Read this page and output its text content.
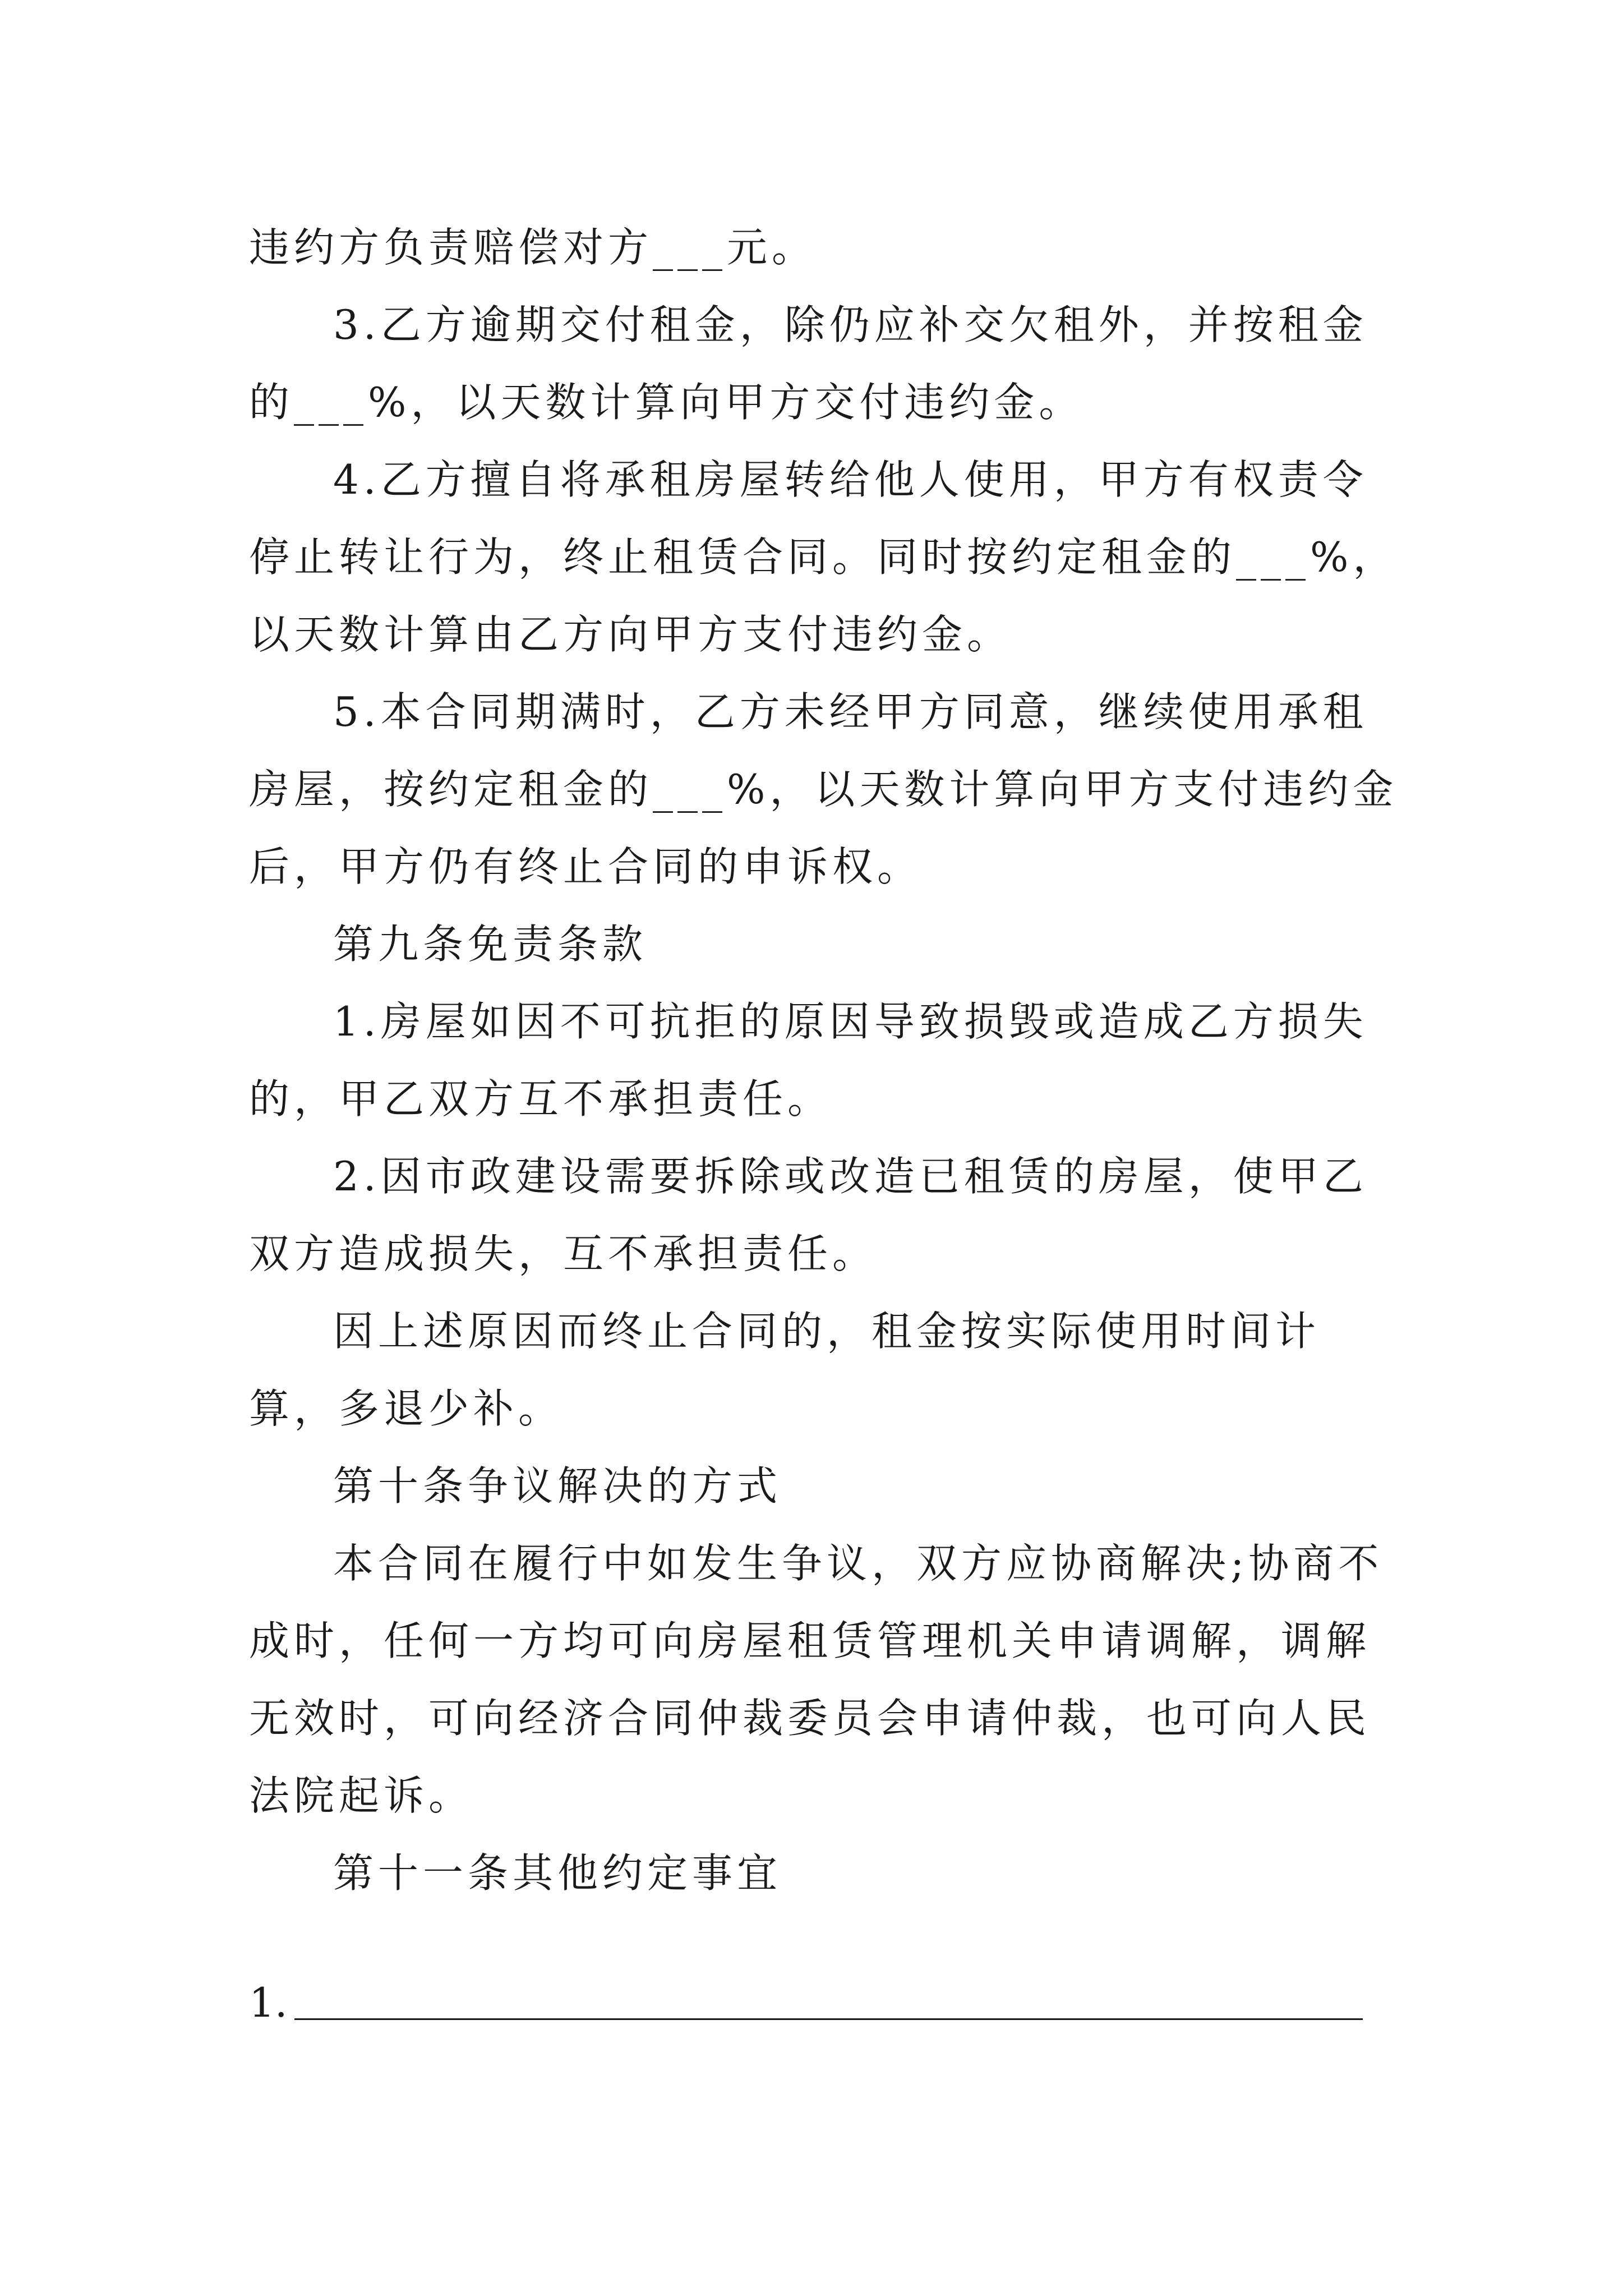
违约方负责赔偿对方___元。

3.乙方逾期交付租金，除仍应补交欠租外，并按租金的___%，以天数计算向甲方交付违约金。

4.乙方擅自将承租房屋转给他人使用，甲方有权责令停止转让行为，终止租赁合同。同时按约定租金的___%，以天数计算由乙方向甲方支付违约金。

5.本合同期满时，乙方未经甲方同意，继续使用承租房屋，按约定租金的___%，以天数计算向甲方支付违约金后，甲方仍有终止合同的申诉权。

第九条免责条款

1.房屋如因不可抗拒的原因导致损毁或造成乙方损失的，甲乙双方互不承担责任。

2.因市政建设需要拆除或改造已租赁的房屋，使甲乙双方造成损失，互不承担责任。

因上述原因而终止合同的，租金按实际使用时间计算，多退少补。

第十条争议解决的方式

本合同在履行中如发生争议，双方应协商解决;协商不成时，任何一方均可向房屋租赁管理机关申请调解，调解无效时，可向经济合同仲裁委员会申请仲裁，也可向人民法院起诉。

第十一条其他约定事宜

1.
